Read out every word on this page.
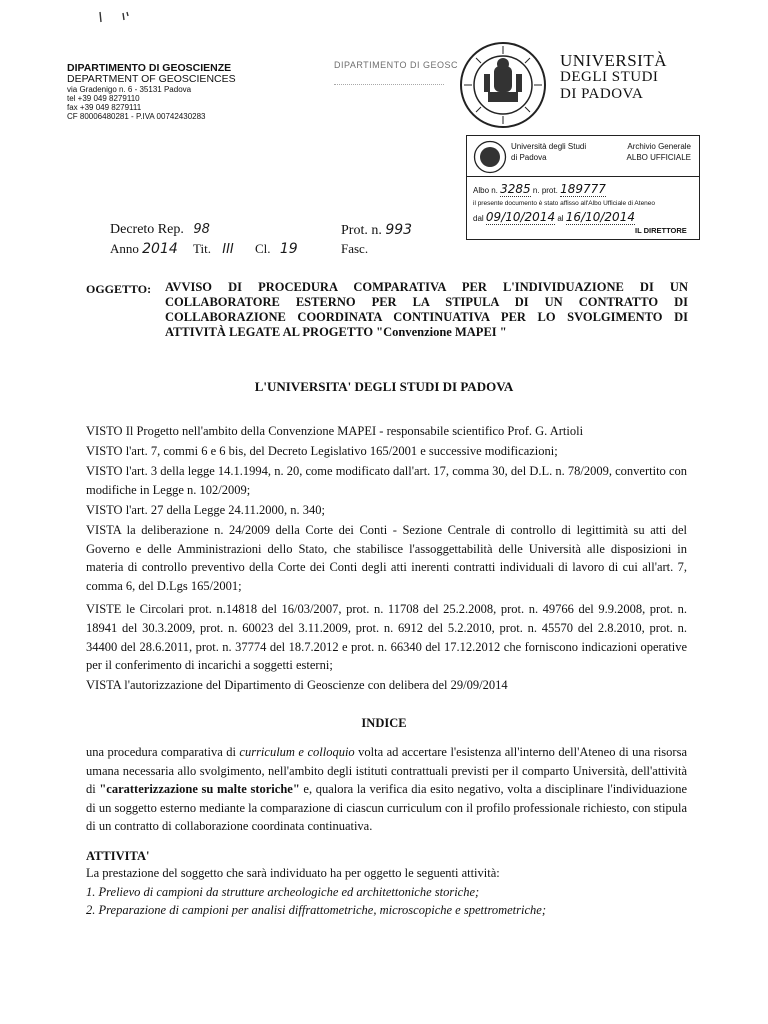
DIPARTIMENTO DI GEOSCIENZE
DEPARTMENT OF GEOSCIENCES
via Gradenigo n. 6 - 35131 Padova
tel +39 049 8279110
fax +39 049 8279111
CF 80006480281 - P.IVA 00742430283
DIPARTIMENTO DI GEOSC	UNIVERSITÀ
DEGLI STUDI
DI PADOVA
Università degli Studi
di Padova
Archivio Generale
ALBO UFFICIALE
Albo n. 3285 n. prot. 189777
il presente documento è stato affisso all'Albo Ufficiale di Ateneo
dal 09/10/2014 al 16/10/2014
IL DIRETTORE
Decreto Rep. 98
Anno 2014 Tit. III Cl. 19
Prot. n. 993
Fasc.
OGGETTO: AVVISO DI PROCEDURA COMPARATIVA PER L'INDIVIDUAZIONE DI UN COLLABORATORE ESTERNO PER LA STIPULA DI UN CONTRATTO DI COLLABORAZIONE COORDINATA CONTINUATIVA PER LO SVOLGIMENTO DI ATTIVITÀ LEGATE AL PROGETTO "Convenzione MAPEI "
L'UNIVERSITA' DEGLI STUDI DI PADOVA

VISTO Il Progetto nell'ambito della Convenzione MAPEI - responsabile scientifico Prof. G. Artioli

VISTO l'art. 7, commi 6 e 6 bis, del Decreto Legislativo 165/2001 e successive modificazioni;

VISTO l'art. 3 della legge 14.1.1994, n. 20, come modificato dall'art. 17, comma 30, del D.L. n. 78/2009, convertito con modifiche in Legge n. 102/2009;

VISTO l'art. 27 della Legge 24.11.2000, n. 340;

VISTA la deliberazione n. 24/2009 della Corte dei Conti - Sezione Centrale di controllo di legittimità su atti del Governo e delle Amministrazioni dello Stato, che stabilisce l'assoggettabilità delle Università alle disposizioni in materia di controllo preventivo della Corte dei Conti degli atti inerenti contratti individuali di lavoro di cui all'art. 7, comma 6, del D.Lgs 165/2001;

VISTE le Circolari prot. n.14818 del 16/03/2007, prot. n. 11708 del 25.2.2008, prot. n. 49766 del 9.9.2008, prot. n. 18941 del 30.3.2009, prot. n. 60023 del 3.11.2009, prot. n. 6912 del 5.2.2010, prot. n. 45570 del 2.8.2010, prot. n. 34400 del 28.6.2011, prot. n. 37774 del 18.7.2012 e prot. n. 66340 del 17.12.2012 che forniscono indicazioni operative per il conferimento di incarichi a soggetti esterni;

VISTA l'autorizzazione del Dipartimento di Geoscienze con delibera del 29/09/2014

INDICE
una procedura comparativa di curriculum e colloquio volta ad accertare l'esistenza all'interno dell'Ateneo di una risorsa umana necessaria allo svolgimento, nell'ambito degli istituti contrattuali previsti per il comparto Università, dell'attività di "caratterizzazione su malte storiche" e, qualora la verifica dia esito negativo, volta a disciplinare l'individuazione di un soggetto esterno mediante la comparazione di ciascun curriculum con il profilo professionale richiesto, con stipula di un contratto di collaborazione coordinata continuativa.
ATTIVITA'
La prestazione del soggetto che sarà individuato ha per oggetto le seguenti attività:
1. Prelievo di campioni da strutture archeologiche ed architettoniche storiche;
2. Preparazione di campioni per analisi diffrattometriche, microscopiche e spettrometriche;
